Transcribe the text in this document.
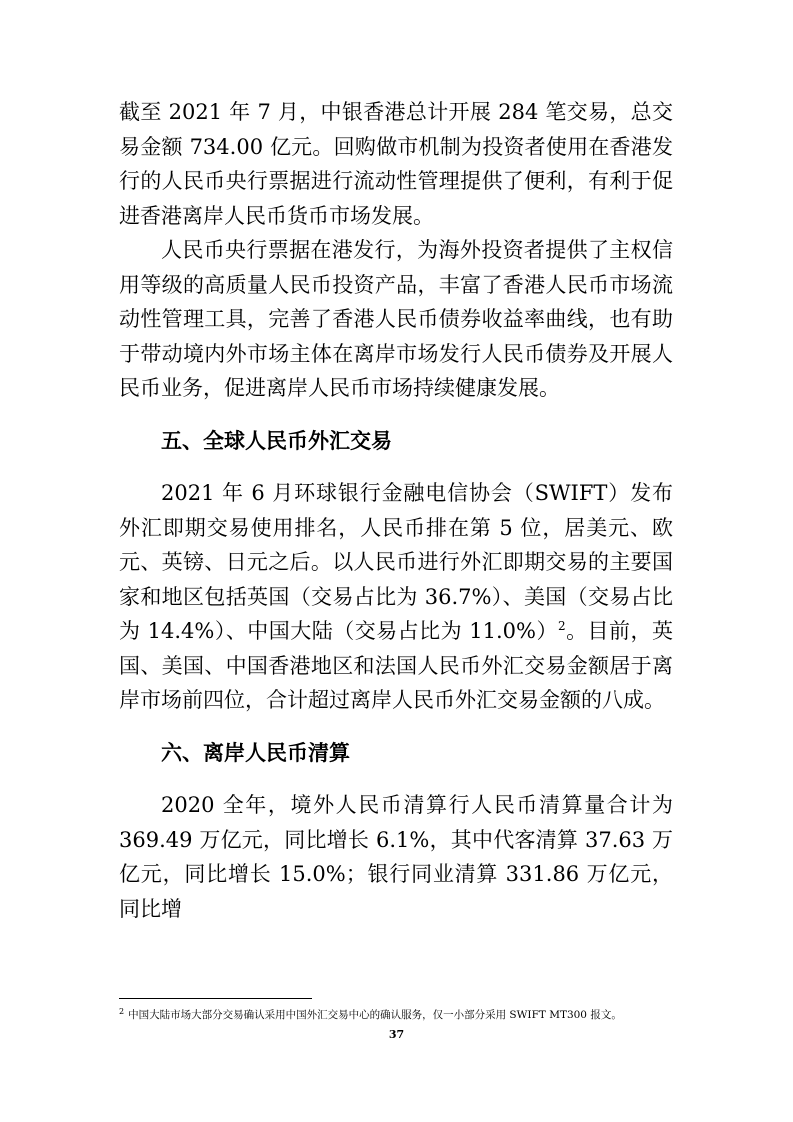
截至 2021 年 7 月，中银香港总计开展 284 笔交易，总交易金额 734.00 亿元。回购做市机制为投资者使用在香港发行的人民币央行票据进行流动性管理提供了便利，有利于促进香港离岸人民币货币市场发展。

人民币央行票据在港发行，为海外投资者提供了主权信用等级的高质量人民币投资产品，丰富了香港人民币市场流动性管理工具，完善了香港人民币债券收益率曲线，也有助于带动境内外市场主体在离岸市场发行人民币债券及开展人民币业务，促进离岸人民币市场持续健康发展。

五、全球人民币外汇交易

2021 年 6 月环球银行金融电信协会（SWIFT）发布外汇即期交易使用排名，人民币排在第 5 位，居美元、欧元、英镑、日元之后。以人民币进行外汇即期交易的主要国家和地区包括英国（交易占比为 36.7%）、美国（交易占比为 14.4%）、中国大陆（交易占比为 11.0%）$^2$。目前，英国、美国、中国香港地区和法国人民币外汇交易金额居于离岸市场前四位，合计超过离岸人民币外汇交易金额的八成。

六、离岸人民币清算

2020 全年，境外人民币清算行人民币清算量合计为 369.49 万亿元，同比增长 6.1%，其中代客清算 37.63 万亿元，同比增长 15.0%；银行同业清算 331.86 万亿元，同比增

$^2$ 中国大陆市场大部分交易确认采用中国外汇交易中心的确认服务，仅一小部分采用 SWIFT MT300 报文。
37
